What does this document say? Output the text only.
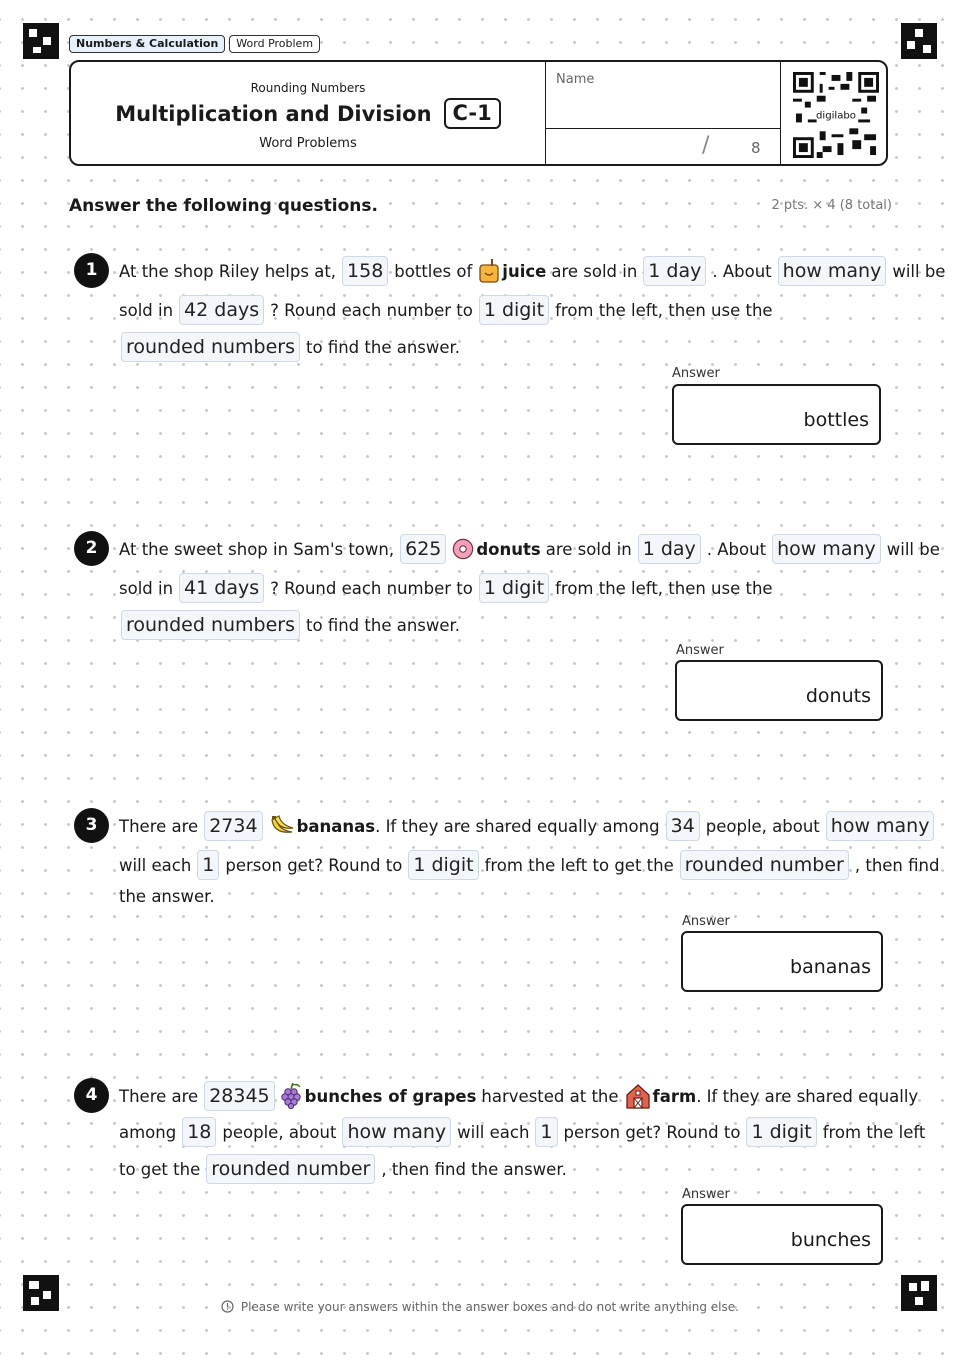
Numbers & Calculation	Word Problem
Rounding Numbers
Multiplication and Division	C-1
Word Problems
Name
/	8
digilabo
Answer the following questions.	2 pts. × 4 (8 total)
1	At the shop Riley helps at, 158 bottles of juice are sold in 1 day . About how many will be
sold in 42 days ? Round each number to 1 digit from the left, then use the
rounded numbers to find the answer.
Answer
bottles
2	At the sweet shop in Sam's town, 625	donuts are sold in 1 day . About how many will be
sold in 41 days ? Round each number to 1 digit from the left, then use the
rounded numbers to find the answer.
Answer
donuts
3	There are 2734	bananas . If they are shared equally among 34 people, about how many
will each 1 person get? Round to 1 digit from the left to get the rounded number , then find
the answer.
Answer
bananas
4	There are 28345	bunches of grapes harvested at the farm . If they are shared equally
among 18 people, about how many will each 1 person get? Round to 1 digit from the left
to get the rounded number , then find the answer.
Answer
bunches
Please write your answers within the answer boxes and do not write anything else.
